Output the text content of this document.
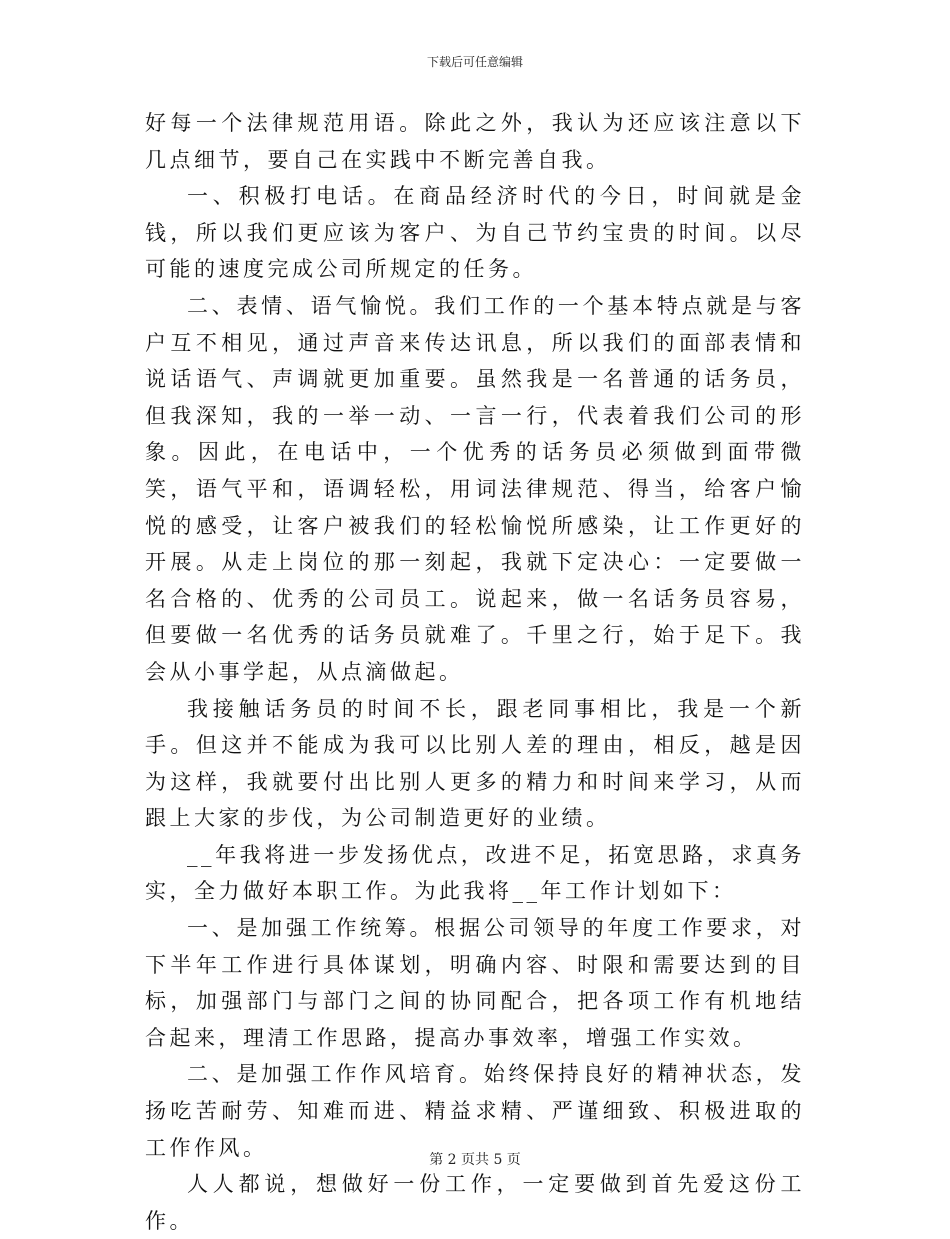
下载后可任意编辑

好每一个法律规范用语。除此之外，我认为还应该注意以下几点细节，要自己在实践中不断完善自我。

一、积极打电话。在商品经济时代的今日，时间就是金钱，所以我们更应该为客户、为自己节约宝贵的时间。以尽可能的速度完成公司所规定的任务。

二、表情、语气愉悦。我们工作的一个基本特点就是与客户互不相见，通过声音来传达讯息，所以我们的面部表情和说话语气、声调就更加重要。虽然我是一名普通的话务员，但我深知，我的一举一动、一言一行，代表着我们公司的形象。因此，在电话中，一个优秀的话务员必须做到面带微笑，语气平和，语调轻松，用词法律规范、得当，给客户愉悦的感受，让客户被我们的轻松愉悦所感染，让工作更好的开展。从走上岗位的那一刻起，我就下定决心：一定要做一名合格的、优秀的公司员工。说起来，做一名话务员容易，但要做一名优秀的话务员就难了。千里之行，始于足下。我会从小事学起，从点滴做起。

我接触话务员的时间不长，跟老同事相比，我是一个新手。但这并不能成为我可以比别人差的理由，相反，越是因为这样，我就要付出比别人更多的精力和时间来学习，从而跟上大家的步伐，为公司制造更好的业绩。

__年我将进一步发扬优点，改进不足，拓宽思路，求真务实，全力做好本职工作。为此我将__年工作计划如下：

一、是加强工作统筹。根据公司领导的年度工作要求，对下半年工作进行具体谋划，明确内容、时限和需要达到的目标，加强部门与部门之间的协同配合，把各项工作有机地结合起来，理清工作思路，提高办事效率，增强工作实效。

二、是加强工作作风培育。始终保持良好的精神状态，发扬吃苦耐劳、知难而进、精益求精、严谨细致、积极进取的工作作风。

人人都说，想做好一份工作，一定要做到首先爱这份工作。

第 2 页共 5 页
